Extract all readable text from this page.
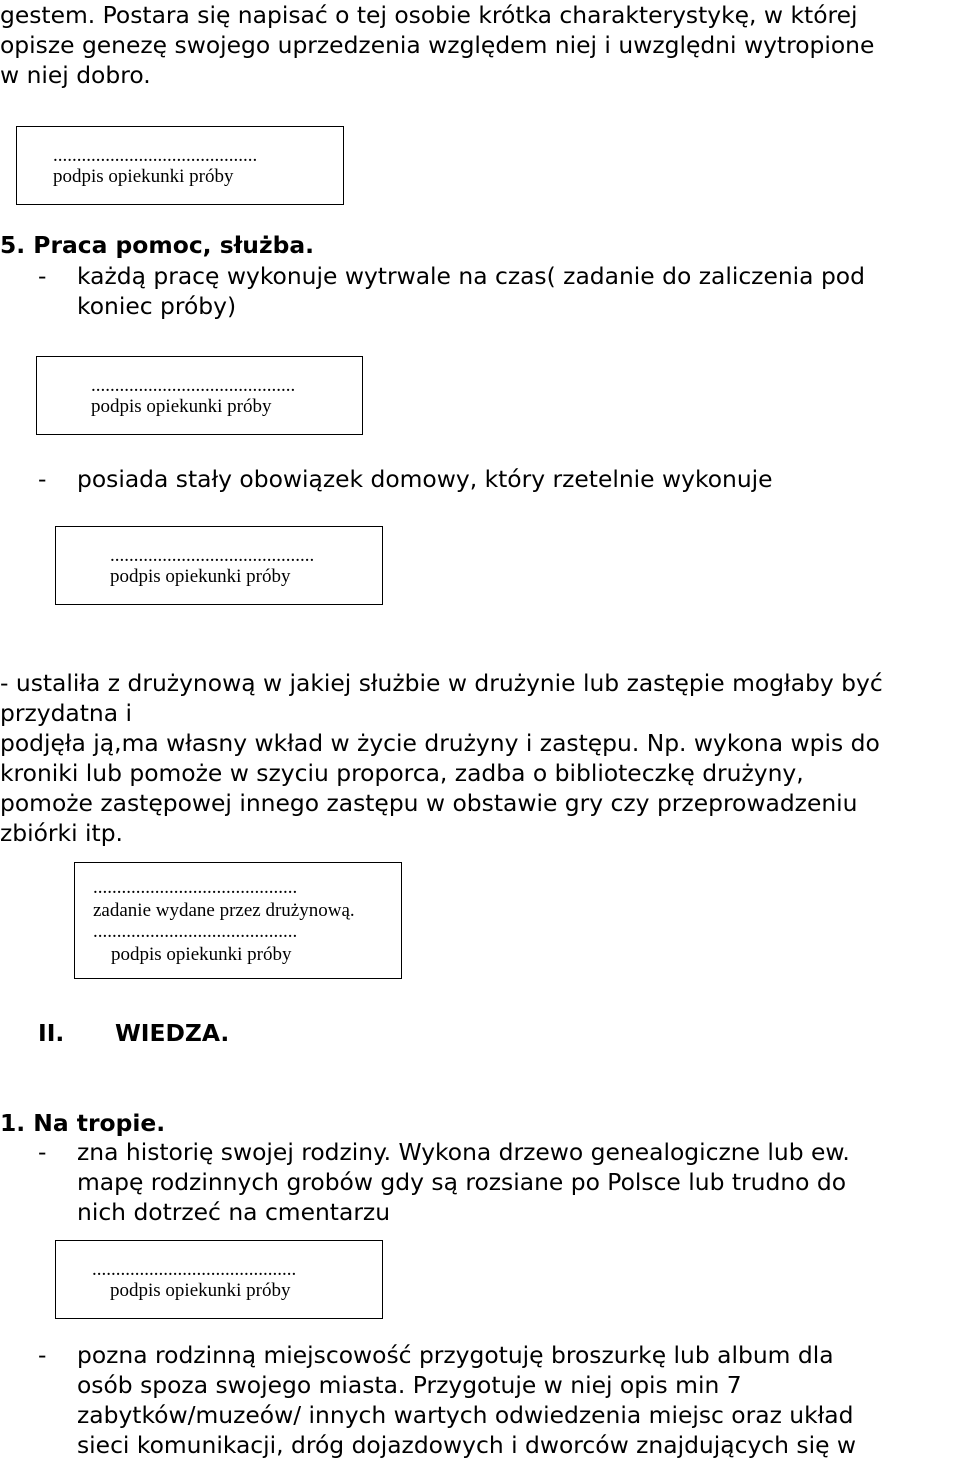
gestem. Postara się napisać o tej osobie krótka charakterystykę, w której
opisze genezę swojego uprzedzenia względem niej i uwzględni wytropione
w niej dobro.
...........................................
podpis opiekunki próby
5. Praca pomoc, służba.
- każdą pracę wykonuje wytrwale na czas( zadanie do zaliczenia pod
koniec próby)
...........................................
podpis opiekunki próby
- posiada stały obowiązek domowy, który rzetelnie wykonuje
...........................................
podpis opiekunki próby
- ustaliła z drużynową w jakiej służbie w drużynie lub zastępie mogłaby być
przydatna i
podjęła ją,ma własny wkład w życie drużyny i zastępu. Np. wykona wpis do
kroniki lub pomoże w szyciu proporca, zadba o biblioteczkę drużyny,
pomoże zastępowej innego zastępu w obstawie gry czy przeprowadzeniu
zbiórki itp.
...........................................
zadanie wydane przez drużynową.
...........................................
podpis opiekunki próby
II. WIEDZA.
1. Na tropie.
- zna historię swojej rodziny. Wykona drzewo genealogiczne lub ew.
mapę rodzinnych grobów gdy są rozsiane po Polsce lub trudno do
nich dotrzeć na cmentarzu
...........................................
podpis opiekunki próby
- pozna rodzinną miejscowość przygotuję broszurkę lub album dla
osób spoza swojego miasta. Przygotuje w niej opis min 7
zabytków/muzeów/ innych wartych odwiedzenia miejsc oraz układ
sieci komunikacji, dróg dojazdowych i dworców znajdujących się w
